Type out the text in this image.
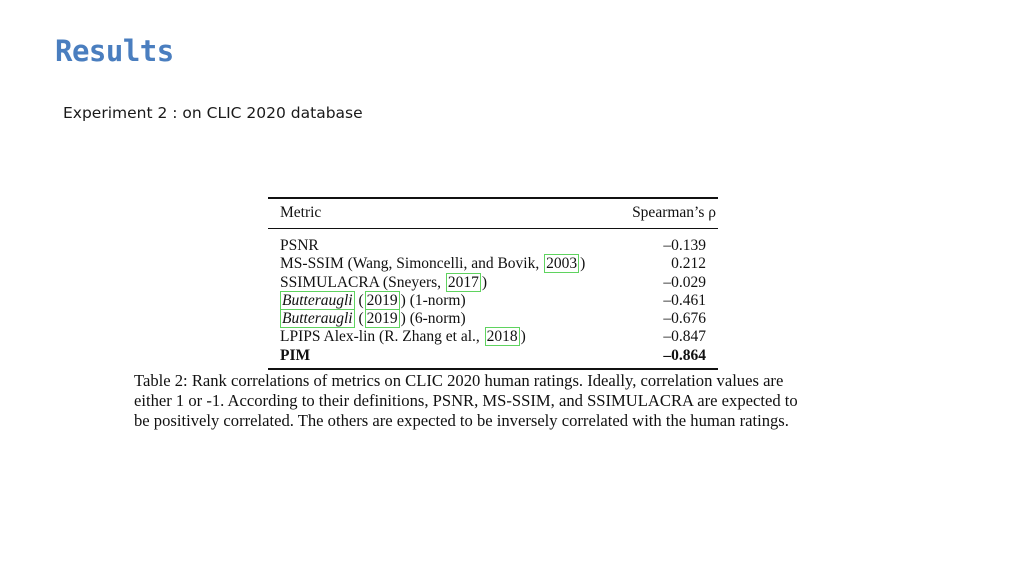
Results
Experiment 2 : on CLIC 2020 database
Metric	Spearman’s ρ
PSNR	–0.139
MS-SSIM (Wang, Simoncelli, and Bovik, 2003 )	0.212
SSIMULACRA (Sneyers, 2017 )	–0.029
Butteraugli ( 2019 ) (1-norm)	–0.461
Butteraugli ( 2019 ) (6-norm)	–0.676
LPIPS Alex-lin (R. Zhang et al., 2018 )	–0.847
PIM	–0.864
Table 2: Rank correlations of metrics on CLIC 2020 human ratings. Ideally, correlation values are
either 1 or -1. According to their definitions, PSNR, MS-SSIM, and SSIMULACRA are expected to
be positively correlated. The others are expected to be inversely correlated with the human ratings.
